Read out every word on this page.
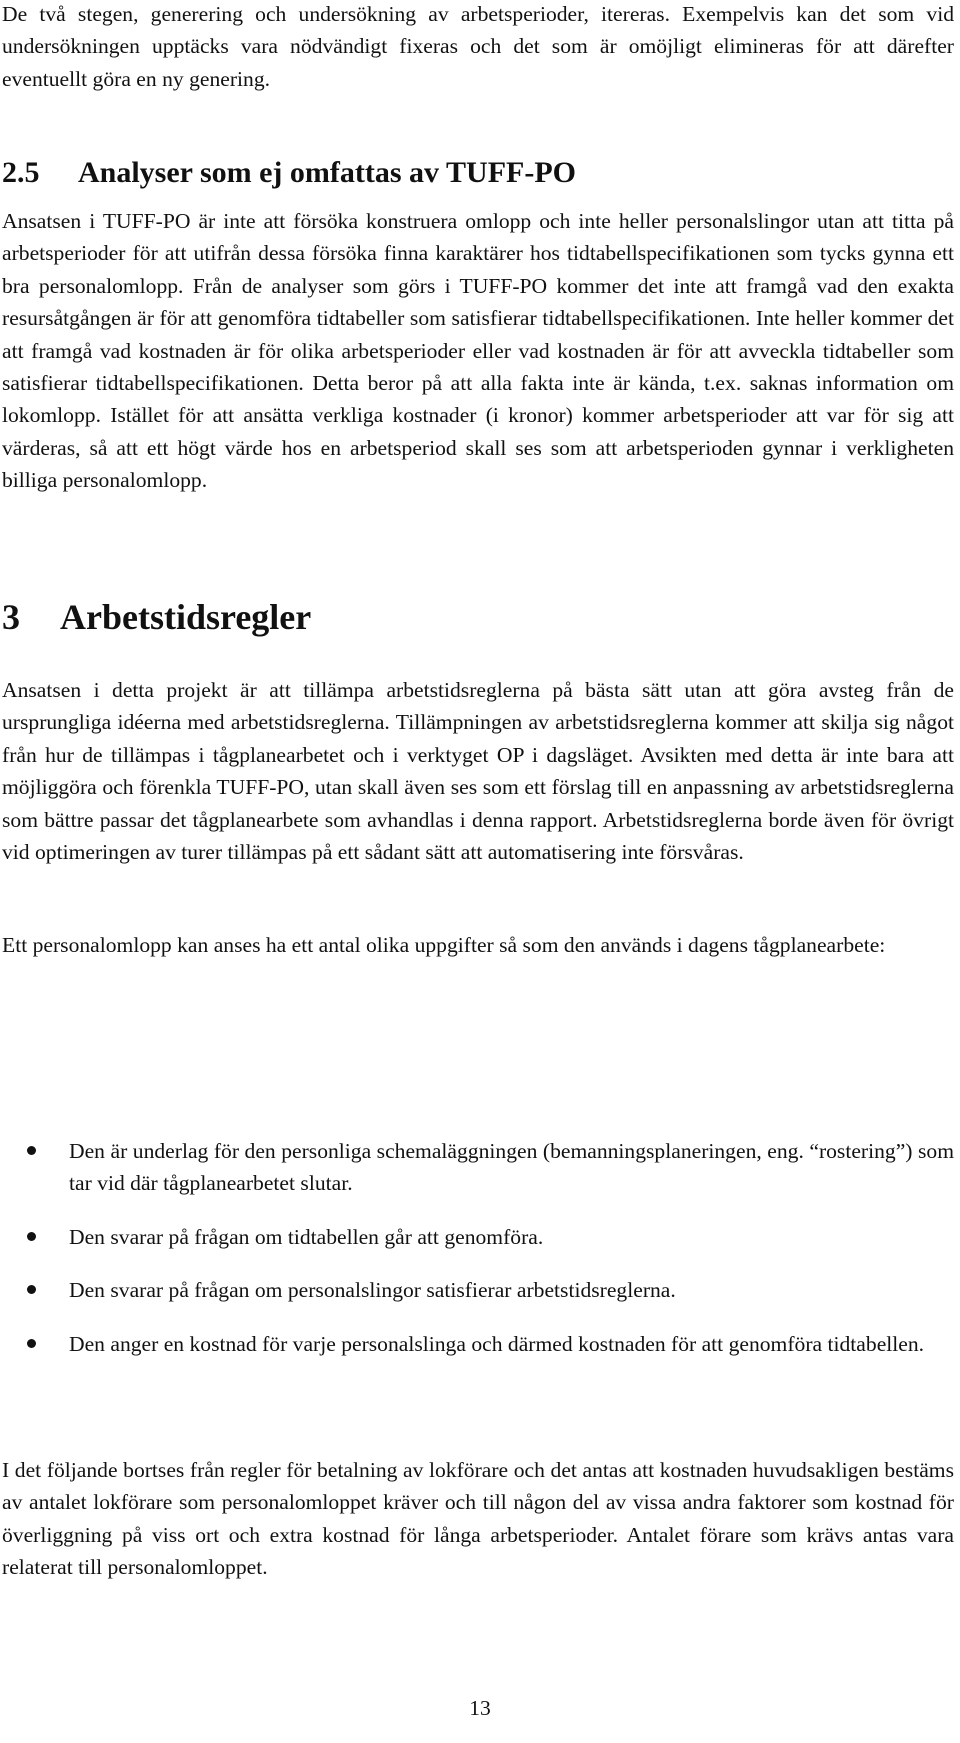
De två stegen, generering och undersökning av arbetsperioder, itereras. Exempelvis kan det som vid undersökningen upptäcks vara nödvändigt fixeras och det som är omöjligt elimineras för att därefter eventuellt göra en ny genering.

2.5 Analyser som ej omfattas av TUFF-PO

Ansatsen i TUFF-PO är inte att försöka konstruera omlopp och inte heller personalslingor utan att titta på arbetsperioder för att utifrån dessa försöka finna karaktärer hos tidtabellspecifikationen som tycks gynna ett bra personalomlopp. Från de analyser som görs i TUFF-PO kommer det inte att framgå vad den exakta resursåtgången är för att genomföra tidtabeller som satisfierar tidtabellspecifikationen. Inte heller kommer det att framgå vad kostnaden är för olika arbetsperioder eller vad kostnaden är för att avveckla tidtabeller som satisfierar tidtabellspecifikationen. Detta beror på att alla fakta inte är kända, t.ex. saknas information om lokomlopp. Istället för att ansätta verkliga kostnader (i kronor) kommer arbetsperioder att var för sig att värderas, så att ett högt värde hos en arbetsperiod skall ses som att arbetsperioden gynnar i verkligheten billiga personalomlopp.

3 Arbetstidsregler

Ansatsen i detta projekt är att tillämpa arbetstidsreglerna på bästa sätt utan att göra avsteg från de ursprungliga idéerna med arbetstidsreglerna. Tillämpningen av arbetstidsreglerna kommer att skilja sig något från hur de tillämpas i tågplanearbetet och i verktyget OP i dagsläget. Avsikten med detta är inte bara att möjliggöra och förenkla TUFF-PO, utan skall även ses som ett förslag till en anpassning av arbetstidsreglerna som bättre passar det tågplanearbete som avhandlas i denna rapport. Arbetstidsreglerna borde även för övrigt vid optimeringen av turer tillämpas på ett sådant sätt att automatisering inte försvåras.

Ett personalomlopp kan anses ha ett antal olika uppgifter så som den används i dagens tågplanearbete:

Den är underlag för den personliga schemaläggningen (bemanningsplaneringen, eng. “rostering”) som tar vid där tågplanearbetet slutar.
Den svarar på frågan om tidtabellen går att genomföra.
Den svarar på frågan om personalslingor satisfierar arbetstidsreglerna.
Den anger en kostnad för varje personalslinga och därmed kostnaden för att genomföra tidtabellen.

I det följande bortses från regler för betalning av lokförare och det antas att kostnaden huvudsakligen bestäms av antalet lokförare som personalomloppet kräver och till någon del av vissa andra faktorer som kostnad för överliggning på viss ort och extra kostnad för långa arbetsperioder. Antalet förare som krävs antas vara relaterat till personalomloppet.

13
